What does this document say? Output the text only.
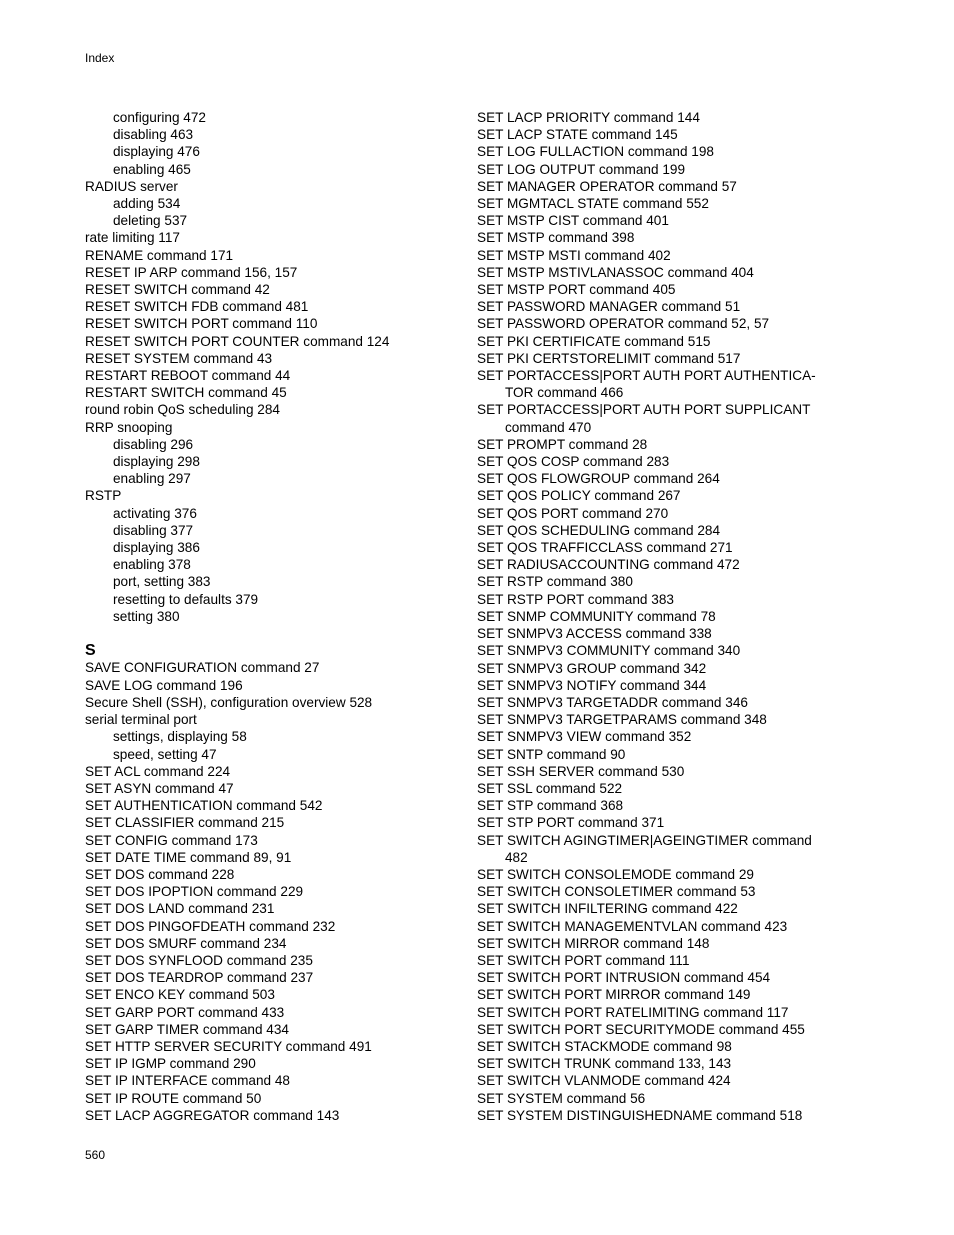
Index
configuring 472
disabling 463
displaying 476
enabling 465
RADIUS server
adding 534
deleting 537
rate limiting 117
RENAME command 171
RESET IP ARP command 156, 157
RESET SWITCH command 42
RESET SWITCH FDB command 481
RESET SWITCH PORT command 110
RESET SWITCH PORT COUNTER command 124
RESET SYSTEM command 43
RESTART REBOOT command 44
RESTART SWITCH command 45
round robin QoS scheduling 284
RRP snooping
disabling 296
displaying 298
enabling 297
RSTP
activating 376
disabling 377
displaying 386
enabling 378
port, setting 383
resetting to defaults 379
setting 380
S
SAVE CONFIGURATION command 27
SAVE LOG command 196
Secure Shell (SSH), configuration overview 528
serial terminal port
settings, displaying 58
speed, setting 47
SET ACL command 224
SET ASYN command 47
SET AUTHENTICATION command 542
SET CLASSIFIER command 215
SET CONFIG command 173
SET DATE TIME command 89, 91
SET DOS command 228
SET DOS IPOPTION command 229
SET DOS LAND command 231
SET DOS PINGOFDEATH command 232
SET DOS SMURF command 234
SET DOS SYNFLOOD command 235
SET DOS TEARDROP command 237
SET ENCO KEY command 503
SET GARP PORT command 433
SET GARP TIMER command 434
SET HTTP SERVER SECURITY command 491
SET IP IGMP command 290
SET IP INTERFACE command 48
SET IP ROUTE command 50
SET LACP AGGREGATOR command 143
SET LACP PRIORITY command 144
SET LACP STATE command 145
SET LOG FULLACTION command 198
SET LOG OUTPUT command 199
SET MANAGER OPERATOR command 57
SET MGMTACL STATE command 552
SET MSTP CIST command 401
SET MSTP command 398
SET MSTP MSTI command 402
SET MSTP MSTIVLANASSOC command 404
SET MSTP PORT command 405
SET PASSWORD MANAGER command 51
SET PASSWORD OPERATOR command 52, 57
SET PKI CERTIFICATE command 515
SET PKI CERTSTORELIMIT command 517
SET PORTACCESS|PORT AUTH PORT AUTHENTICA-
TOR command 466
SET PORTACCESS|PORT AUTH PORT SUPPLICANT
command 470
SET PROMPT command 28
SET QOS COSP command 283
SET QOS FLOWGROUP command 264
SET QOS POLICY command 267
SET QOS PORT command 270
SET QOS SCHEDULING command 284
SET QOS TRAFFICCLASS command 271
SET RADIUSACCOUNTING command 472
SET RSTP command 380
SET RSTP PORT command 383
SET SNMP COMMUNITY command 78
SET SNMPV3 ACCESS command 338
SET SNMPV3 COMMUNITY command 340
SET SNMPV3 GROUP command 342
SET SNMPV3 NOTIFY command 344
SET SNMPV3 TARGETADDR command 346
SET SNMPV3 TARGETPARAMS command 348
SET SNMPV3 VIEW command 352
SET SNTP command 90
SET SSH SERVER command 530
SET SSL command 522
SET STP command 368
SET STP PORT command 371
SET SWITCH AGINGTIMER|AGEINGTIMER command
482
SET SWITCH CONSOLEMODE command 29
SET SWITCH CONSOLETIMER command 53
SET SWITCH INFILTERING command 422
SET SWITCH MANAGEMENTVLAN command 423
SET SWITCH MIRROR command 148
SET SWITCH PORT command 111
SET SWITCH PORT INTRUSION command 454
SET SWITCH PORT MIRROR command 149
SET SWITCH PORT RATELIMITING command 117
SET SWITCH PORT SECURITYMODE command 455
SET SWITCH STACKMODE command 98
SET SWITCH TRUNK command 133, 143
SET SWITCH VLANMODE command 424
SET SYSTEM command 56
SET SYSTEM DISTINGUISHEDNAME command 518
560
